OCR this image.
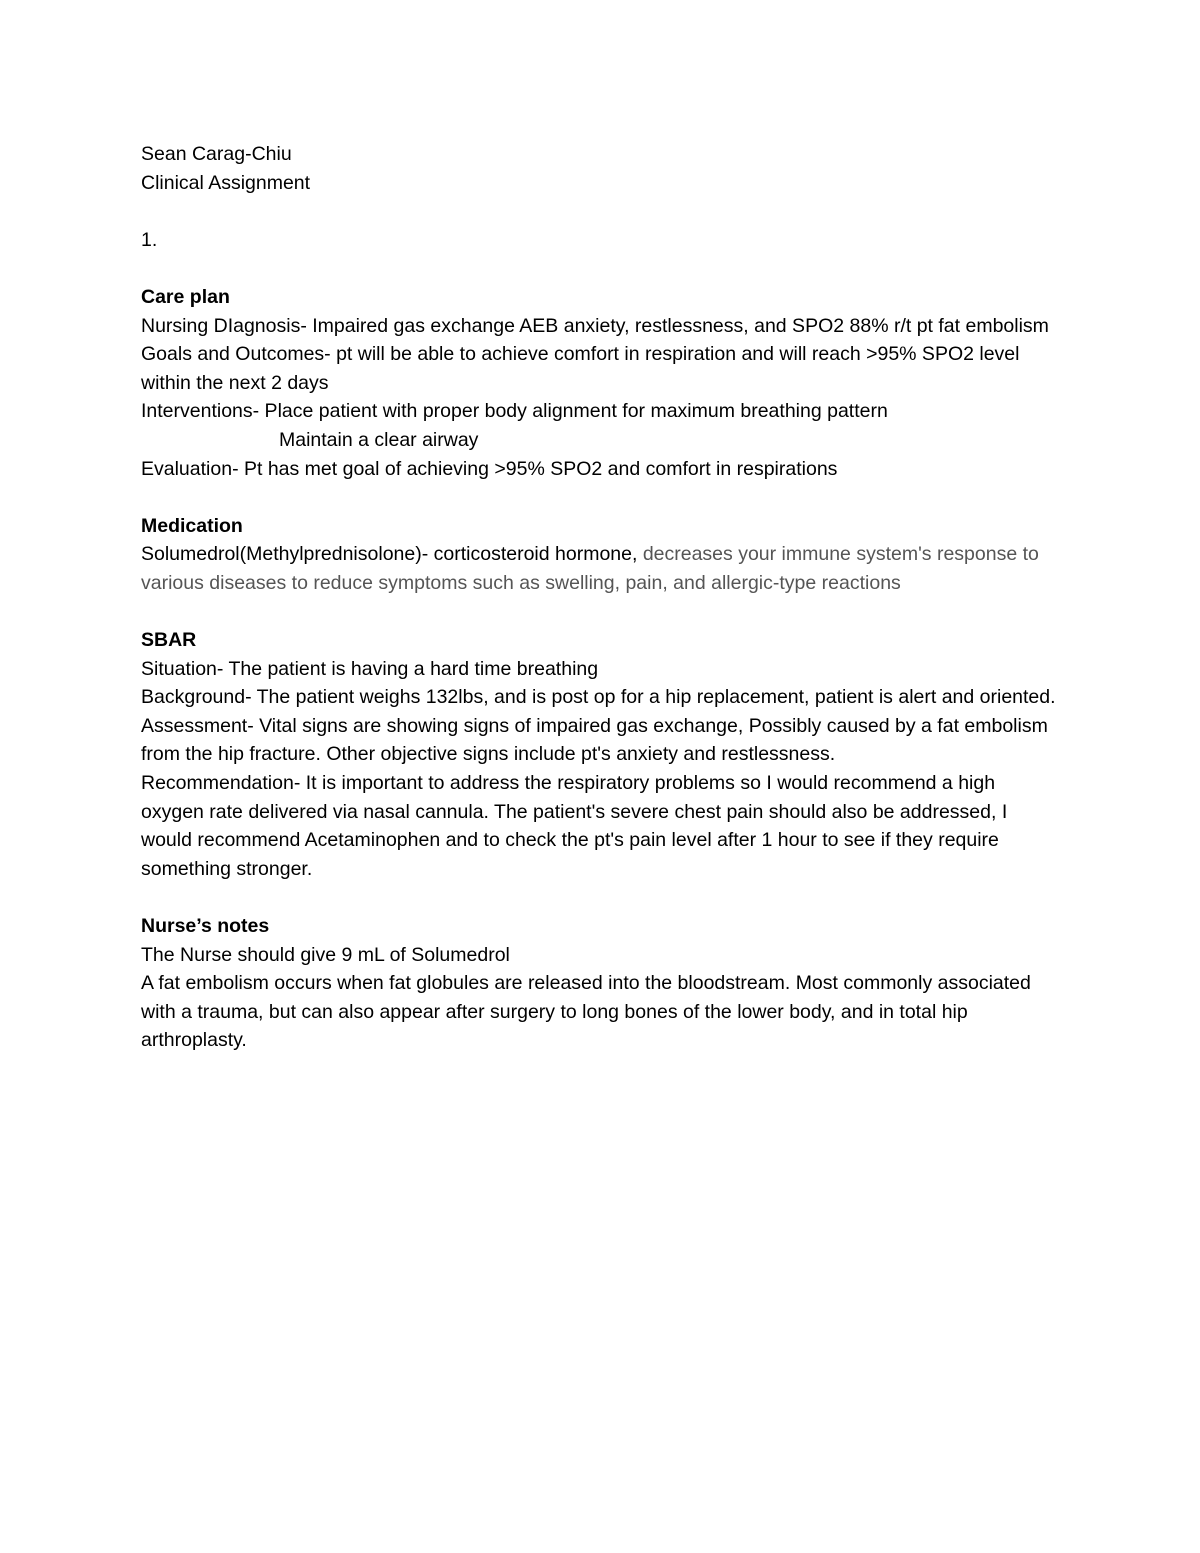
Sean Carag-Chiu
Clinical Assignment
1.
Care plan
Nursing DIagnosis- Impaired gas exchange AEB anxiety, restlessness, and SPO2 88% r/t pt fat embolism
Goals and Outcomes- pt will be able to achieve comfort in respiration and will reach >95% SPO2 level within the next 2 days
Interventions- Place patient with proper body alignment for maximum breathing pattern
Maintain a clear airway
Evaluation- Pt has met goal of achieving >95% SPO2 and comfort in respirations
Medication
Solumedrol(Methylprednisolone)- corticosteroid hormone, decreases your immune system's response to various diseases to reduce symptoms such as swelling, pain, and allergic-type reactions
SBAR
Situation- The patient is having a hard time breathing
Background- The patient weighs 132lbs, and is post op for a hip replacement, patient is alert and oriented.
Assessment- Vital signs are showing signs of impaired gas exchange, Possibly caused by a fat embolism from the hip fracture. Other objective signs include pt's anxiety and restlessness.
Recommendation- It is important to address the respiratory problems so I would recommend a high oxygen rate delivered via nasal cannula. The patient's severe chest pain should also be addressed, I would recommend Acetaminophen and to check the pt's pain level after 1 hour to see if they require something stronger.
Nurse’s notes
The Nurse should give 9 mL of Solumedrol
A fat embolism occurs when fat globules are released into the bloodstream. Most commonly associated with a trauma, but can also appear after surgery to long bones of the lower body, and in total hip arthroplasty.
